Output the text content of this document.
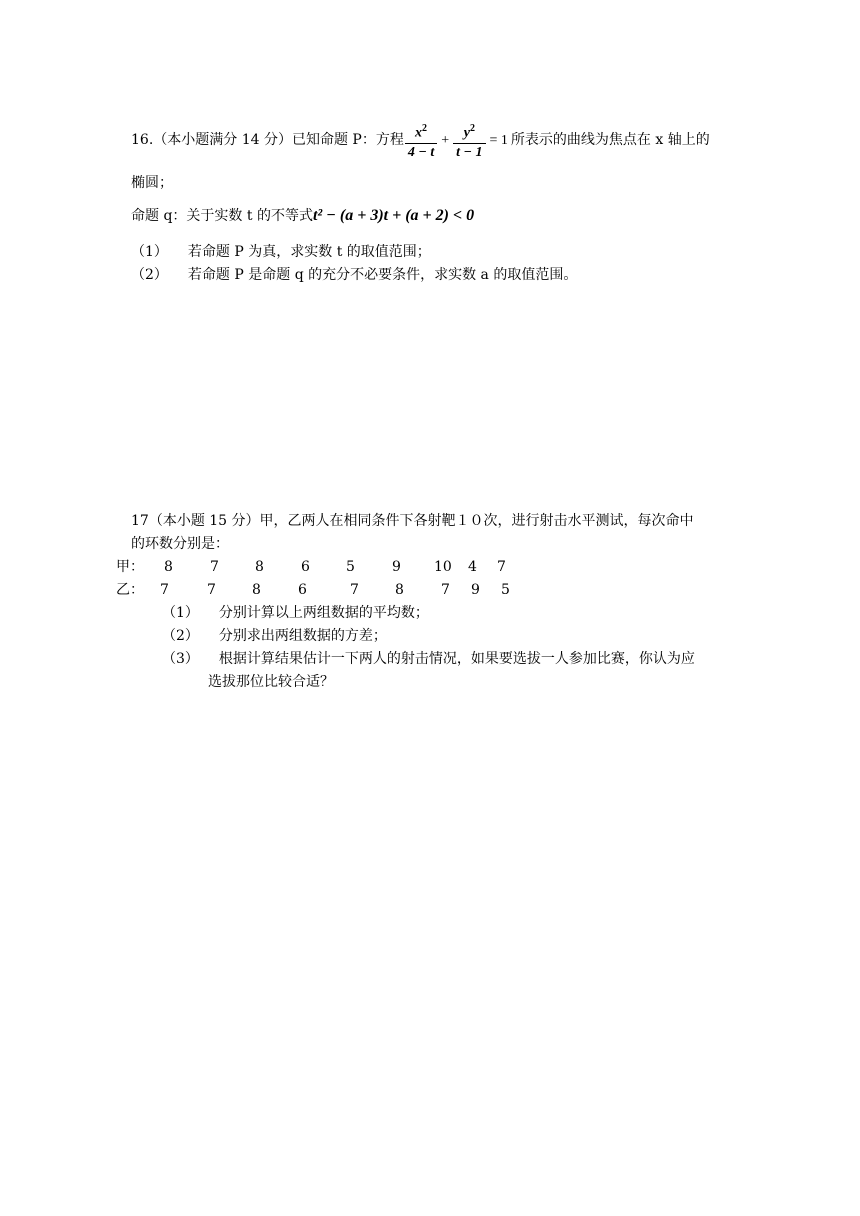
16.（本小题满分 14 分）已知命题 P：方程 $\frac{x^2}{4 - t} + \frac{y^2}{t - 1} = 1$ 所表示的曲线为焦点在 x 轴上的
椭圆；
命题 q：关于实数 t 的不等式t² − (a + 3)t + (a + 2) < 0
（1） 若命题 P 为真，求实数 t 的取值范围；
（2） 若命题 P 是命题 q 的充分不必要条件，求实数 a 的取值范围。
17（本小题 15 分）甲，乙两人在相同条件下各射靶１０次，进行射击水平测试，每次命中
的环数分别是：
甲： 8	7	8	6	5	9 10 4 7
乙： 7	7	8	6	7	8	7 9 5
（1） 分别计算以上两组数据的平均数；
（2） 分别求出两组数据的方差；
（3） 根据计算结果估计一下两人的射击情况，如果要选拔一人参加比赛，你认为应
选拔那位比较合适？
